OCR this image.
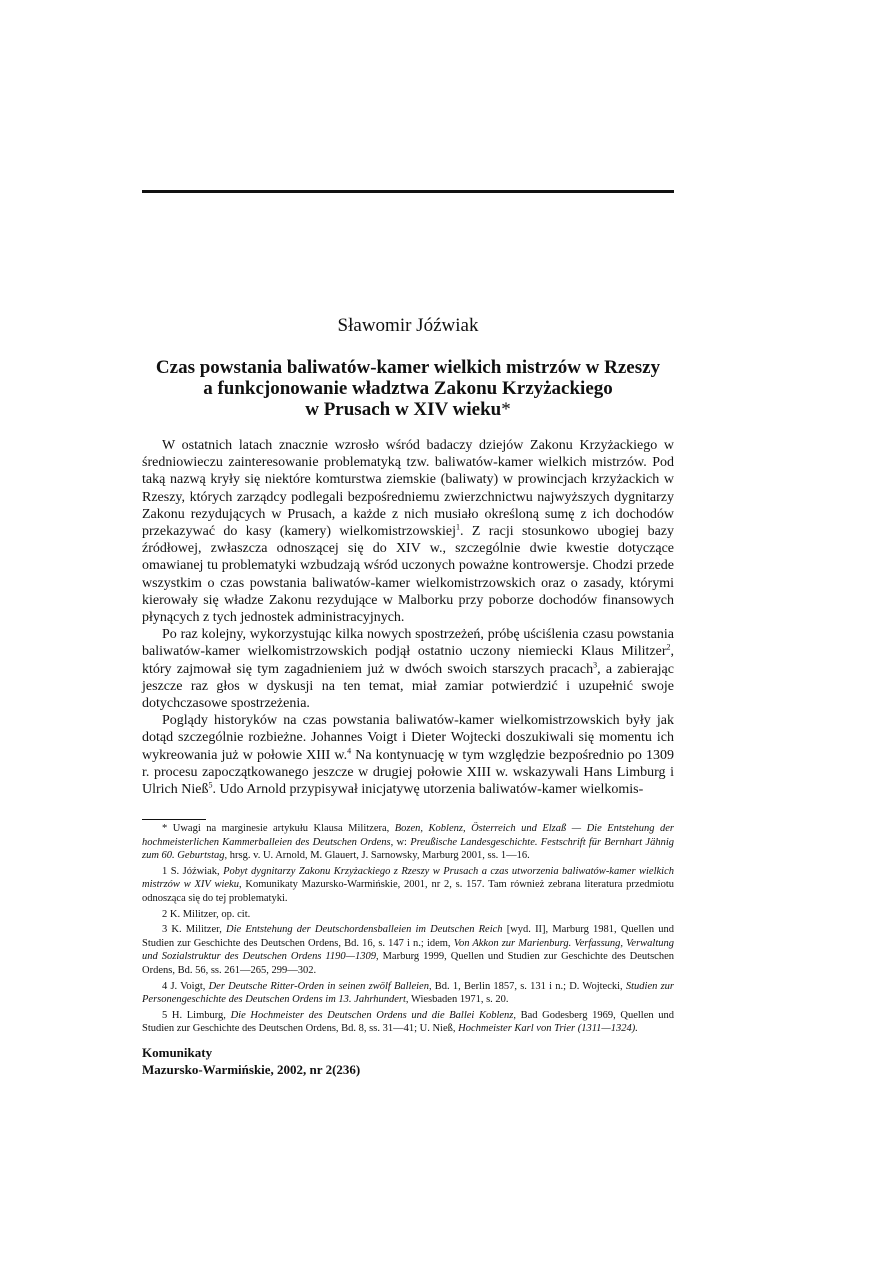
Sławomir Jóźwiak
Czas powstania baliwatów-kamer wielkich mistrzów w Rzeszy
a funkcjonowanie władztwa Zakonu Krzyżackiego
w Prusach w XIV wieku*

W ostatnich latach znacznie wzrosło wśród badaczy dziejów Zakonu Krzyżackiego w średniowieczu zainteresowanie problematyką tzw. baliwatów-kamer wielkich mistrzów. Pod taką nazwą kryły się niektóre komturstwa ziemskie (baliwaty) w prowincjach krzyżackich w Rzeszy, których zarządcy podlegali bezpośredniemu zwierzchnictwu najwyższych dygnitarzy Zakonu rezydujących w Prusach, a każde z nich musiało określoną sumę z ich dochodów przekazywać do kasy (kamery) wielkomistrzowskiej$^1$. Z racji stosunkowo ubogiej bazy źródłowej, zwłaszcza odnoszącej się do XIV w., szczególnie dwie kwestie dotyczące omawianej tu problematyki wzbudzają wśród uczonych poważne kontrowersje. Chodzi przede wszystkim o czas powstania baliwatów-kamer wielkomistrzowskich oraz o zasady, którymi kierowały się władze Zakonu rezydujące w Malborku przy poborze dochodów finansowych płynących z tych jednostek administracyjnych.

Po raz kolejny, wykorzystując kilka nowych spostrzeżeń, próbę uściślenia czasu powstania baliwatów-kamer wielkomistrzowskich podjął ostatnio uczony niemiecki Klaus Militzer$^2$, który zajmował się tym zagadnieniem już w dwóch swoich starszych pracach$^3$, a zabierając jeszcze raz głos w dyskusji na ten temat, miał zamiar potwierdzić i uzupełnić swoje dotychczasowe spostrzeżenia.

Poglądy historyków na czas powstania baliwatów-kamer wielkomistrzowskich były jak dotąd szczególnie rozbieżne. Johannes Voigt i Dieter Wojtecki doszukiwali się momentu ich wykreowania już w połowie XIII w.$^4$ Na kontynuację w tym względzie bezpośrednio po 1309 r. procesu zapoczątkowanego jeszcze w drugiej połowie XIII w. wskazywali Hans Limburg i Ulrich Nieß$^5$. Udo Arnold przypisywał inicjatywę utorzenia baliwatów-kamer wielkomis-

* Uwagi na marginesie artykułu Klausa Militzera, Bozen, Koblenz, Österreich und Elzaß — Die Entstehung der hochmeisterlichen Kammerballeien des Deutschen Ordens, w: Preußische Landesgeschichte. Festschrift für Bernhart Jähnig zum 60. Geburtstag, hrsg. v. U. Arnold, M. Glauert, J. Sarnowsky, Marburg 2001, ss. 1—16.

1 S. Jóźwiak, Pobyt dygnitarzy Zakonu Krzyżackiego z Rzeszy w Prusach a czas utworzenia baliwatów-kamer wielkich mistrzów w XIV wieku, Komunikaty Mazursko-Warmińskie, 2001, nr 2, s. 157. Tam również zebrana literatura przedmiotu odnosząca się do tej problematyki.

2 K. Militzer, op. cit.

3 K. Militzer, Die Entstehung der Deutschordensballeien im Deutschen Reich [wyd. II], Marburg 1981, Quellen und Studien zur Geschichte des Deutschen Ordens, Bd. 16, s. 147 i n.; idem, Von Akkon zur Marienburg. Verfassung, Verwaltung und Sozialstruktur des Deutschen Ordens 1190—1309, Marburg 1999, Quellen und Studien zur Geschichte des Deutschen Ordens, Bd. 56, ss. 261—265, 299—302.

4 J. Voigt, Der Deutsche Ritter-Orden in seinen zwölf Balleien, Bd. 1, Berlin 1857, s. 131 i n.; D. Wojtecki, Studien zur Personengeschichte des Deutschen Ordens im 13. Jahrhundert, Wiesbaden 1971, s. 20.

5 H. Limburg, Die Hochmeister des Deutschen Ordens und die Ballei Koblenz, Bad Godesberg 1969, Quellen und Studien zur Geschichte des Deutschen Ordens, Bd. 8, ss. 31—41; U. Nieß, Hochmeister Karl von Trier (1311—1324).

Komunikaty
Mazursko-Warmińskie, 2002, nr 2(236)
